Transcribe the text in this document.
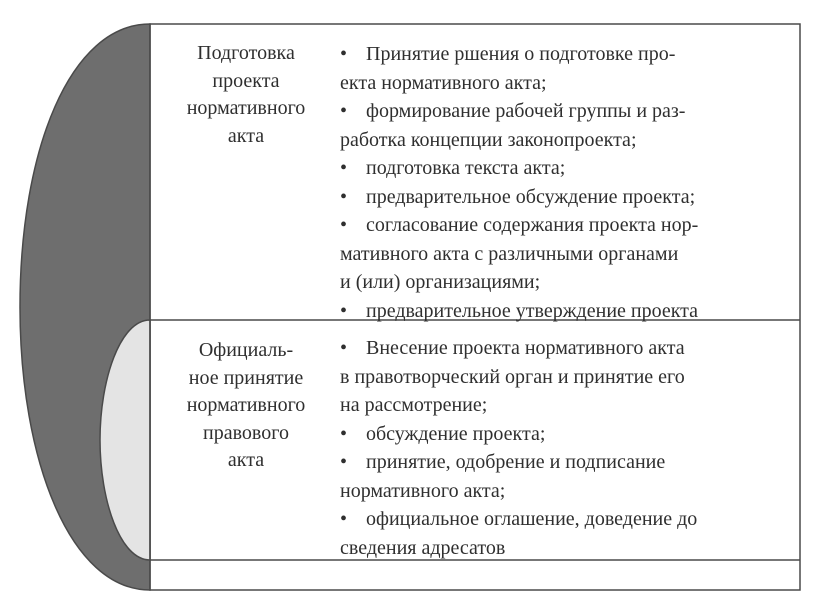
Подготовка
проекта
нормативного
акта
• Принятие ршения о подготовке про-
екта нормативного акта;
• формирование рабочей группы и раз-
работка концепции законопроекта;
• подготовка текста акта;
• предварительное обсуждение проекта;
• согласование содержания проекта нор-
мативного акта с различными органами
и (или) организациями;
• предварительное утверждение проекта
Официаль-
ное принятие
нормативного
правового
акта
• Внесение проекта нормативного акта
в правотворческий орган и принятие его
на рассмотрение;
• обсуждение проекта;
• принятие, одобрение и подписание
нормативного акта;
• официальное оглашение, доведение до
сведения адресатов
